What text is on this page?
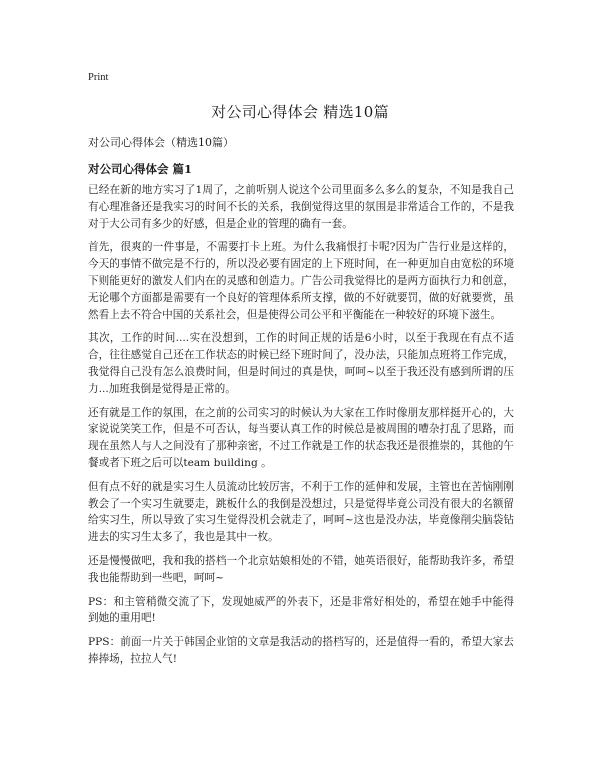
Print
对公司心得体会 精选10篇

对公司心得体会（精选10篇）

对公司心得体会 篇1

已经在新的地方实习了1周了，之前听别人说这个公司里面多么多么的复杂，不知是我自己有心理准备还是我实习的时间不长的关系，我倒觉得这里的氛围是非常适合工作的，不是我对于大公司有多少的好感，但是企业的管理的确有一套。

首先，很爽的一件事是，不需要打卡上班。为什么我痛恨打卡呢?因为广告行业是这样的，今天的事情不做完是不行的，所以没必要有固定的上下班时间，在一种更加自由宽松的环境下则能更好的激发人们内在的灵感和创造力。广告公司我觉得比的是两方面执行力和创意，无论哪个方面都是需要有一个良好的管理体系所支撑，做的不好就要罚，做的好就要赏，虽然看上去不符合中国的关系社会，但是使得公司公平和平衡能在一种较好的环境下滋生。

其次，工作的时间....实在没想到，工作的时间正规的话是6小时，以至于我现在有点不适合，往往感觉自己还在工作状态的时候已经下班时间了，没办法，只能加点班将工作完成，我觉得自己没有怎么浪费时间，但是时间过的真是快，呵呵~以至于我还没有感到所谓的压力...加班我倒是觉得是正常的。

还有就是工作的氛围，在之前的公司实习的时候认为大家在工作时像朋友那样挺开心的，大家说说笑笑工作，但是不可否认，每当要认真工作的时候总是被周围的嘈杂打乱了思路，而现在虽然人与人之间没有了那种亲密，不过工作就是工作的状态我还是很推崇的，其他的午餐或者下班之后可以team building 。

但有点不好的就是实习生人员流动比较厉害，不利于工作的延伸和发展，主管也在苦恼刚刚教会了一个实习生就要走，跳板什么的我倒是没想过，只是觉得毕竟公司没有很大的名额留给实习生，所以导致了实习生觉得没机会就走了，呵呵~这也是没办法，毕竟像削尖脑袋钻进去的实习生太多了，我也是其中一枚。

还是慢慢做吧，我和我的搭档一个北京姑娘相处的不错，她英语很好，能帮助我许多，希望我也能帮助到一些吧，呵呵~

PS：和主管稍微交流了下，发现她威严的外表下，还是非常好相处的，希望在她手中能得到她的重用吧!

PPS：前面一片关于韩国企业馆的文章是我活动的搭档写的，还是值得一看的，希望大家去捧捧场，拉拉人气!
